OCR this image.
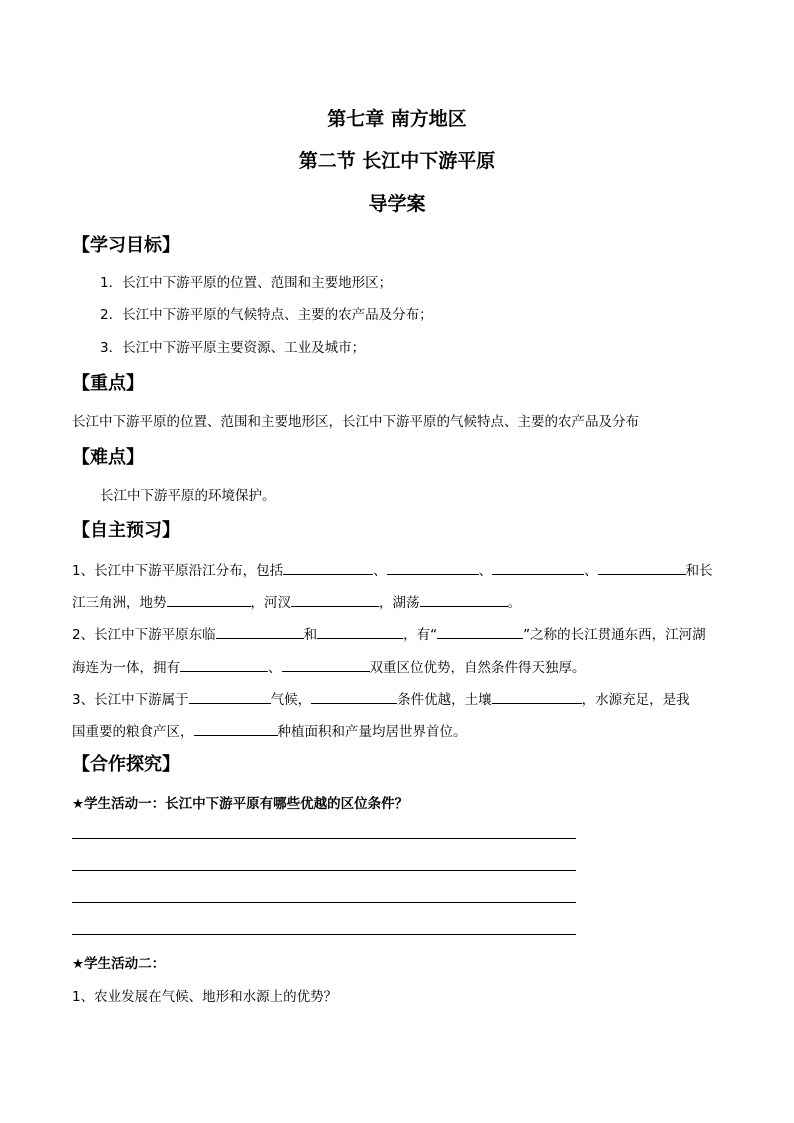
第七章 南方地区
第二节 长江中下游平原
导学案
【学习目标】
1．长江中下游平原的位置、范围和主要地形区；
2．长江中下游平原的气候特点、主要的农产品及分布；
3．长江中下游平原主要资源、工业及城市；
【重点】
长江中下游平原的位置、范围和主要地形区，长江中下游平原的气候特点、主要的农产品及分布
【难点】
长江中下游平原的环境保护。
【自主预习】
1、长江中下游平原沿江分布，包括	、	、	、	和长
江三角洲，地势	，河汊	，湖荡	。
2、长江中下游平原东临	和	，有“	”之称的长江贯通东西，江河湖
海连为一体，拥有	、	双重区位优势，自然条件得天独厚。
3、长江中下游属于	气候，	条件优越，土壤	，水源充足，是我
国重要的粮食产区，	种植面积和产量均居世界首位。
【合作探究】
★学生活动一：长江中下游平原有哪些优越的区位条件？
★学生活动二：
1、农业发展在气候、地形和水源上的优势？
